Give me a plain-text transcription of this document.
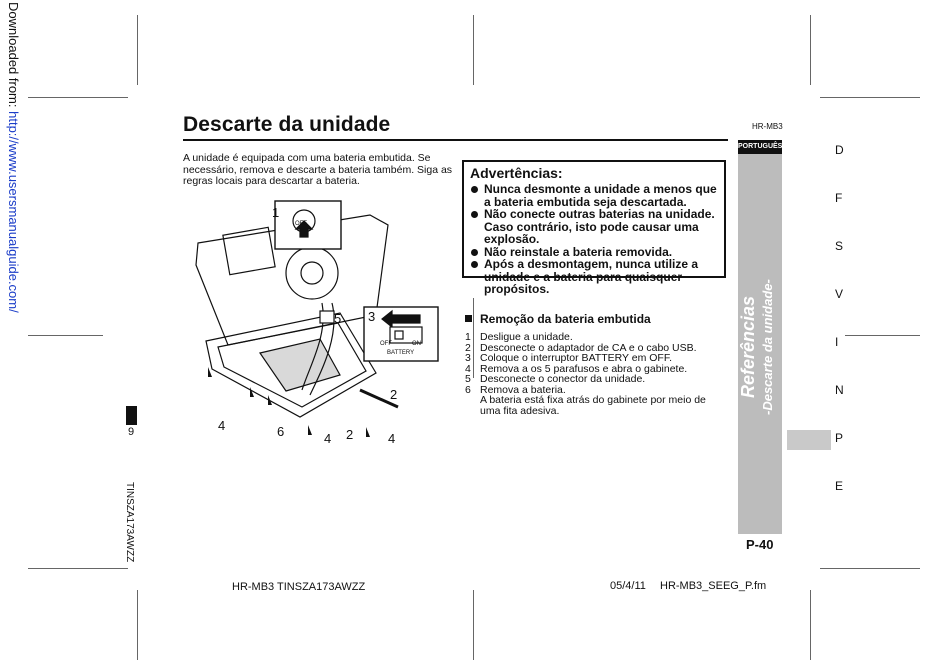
Downloaded from: http://www.usersmanualguide.com/	Descarte da unidade	HR-MB3
A unidade é equipada com uma bateria embutida. Se necessário, remova e descarte a bateria também. Siga as regras locais para descartar a bateria.
OFF
OFF	ON
BATTERY
1
5 3
2
4	6	4 2	4
Advertências:
Nunca desmonte a unidade a menos que a bateria embutida seja descartada.
Não conecte outras baterias na unidade. Caso contrário, isto pode causar uma explosão.
Não reinstale a bateria removida.
Após a desmontagem, nunca utilize a unidade e a bateria para quaisquer propósitos.
Remoção da bateria embutida
1 Desligue a unidade.
2 Desconecte o adaptador de CA e o cabo USB.
3 Coloque o interruptor BATTERY em OFF.
4 Remova a os 5 parafusos e abra o gabinete.
5 Desconecte o conector da unidade.
6 Remova a bateria.
A bateria está fixa atrás do gabinete por meio de uma fita adesiva.
PORTUGUÊS
Referências -Descarte da unidade-
P-40
D
F
S
V
I
N
P
E
9
TINSZA173AWZZ
HR-MB3 TINSZA173AWZZ	05/4/11 HR-MB3_SEEG_P.fm
